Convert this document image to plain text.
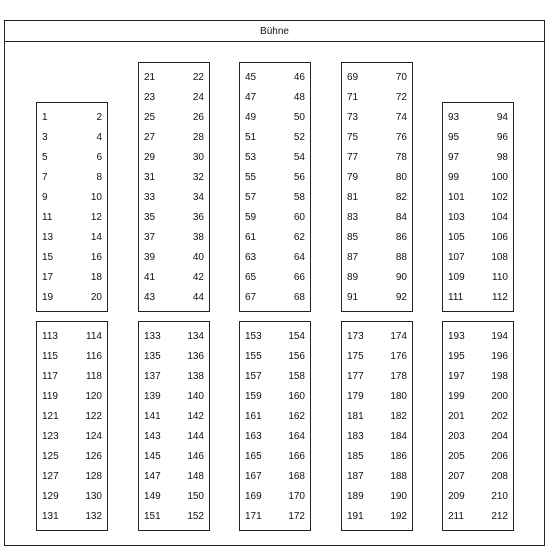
Bühne
1	2
3	4
5	6
7	8
9	10
11	12
13	14
15	16
17	18
19	20
21	22
23	24
25	26
27	28
29	30
31	32
33	34
35	36
37	38
39	40
41	42
43	44
45	46
47	48
49	50
51	52
53	54
55	56
57	58
59	60
61	62
63	64
65	66
67	68
69	70
71	72
73	74
75	76
77	78
79	80
81	82
83	84
85	86
87	88
89	90
91	92
93	94
95	96
97	98
99	100
101	102
103	104
105	106
107	108
109	110
111	112
113	114
115	116
117	118
119	120
121	122
123	124
125	126
127	128
129	130
131	132
133	134
135	136
137	138
139	140
141	142
143	144
145	146
147	148
149	150
151	152
153	154
155	156
157	158
159	160
161	162
163	164
165	166
167	168
169	170
171	172
173	174
175	176
177	178
179	180
181	182
183	184
185	186
187	188
189	190
191	192
193	194
195	196
197	198
199	200
201	202
203	204
205	206
207	208
209	210
211	212
